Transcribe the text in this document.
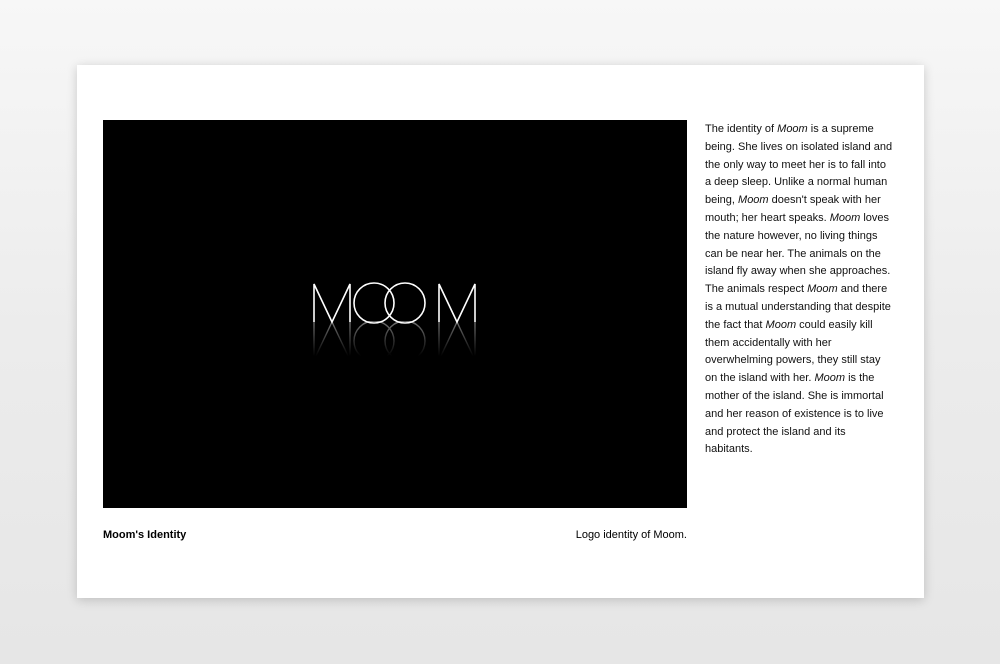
Moom's Identity	Logo identity of Moom.

The identity of Moom is a supreme being. She lives on isolated island and the only way to meet her is to fall into a deep sleep. Unlike a normal human being, Moom doesn't speak with her mouth; her heart speaks. Moom loves the nature however, no living things can be near her. The animals on the island fly away when she approaches. The animals respect Moom and there is a mutual understanding that despite the fact that Moom could easily kill them accidentally with her overwhelming powers, they still stay on the island with her. Moom is the mother of the island. She is immortal and her reason of existence is to live and protect the island and its habitants.
